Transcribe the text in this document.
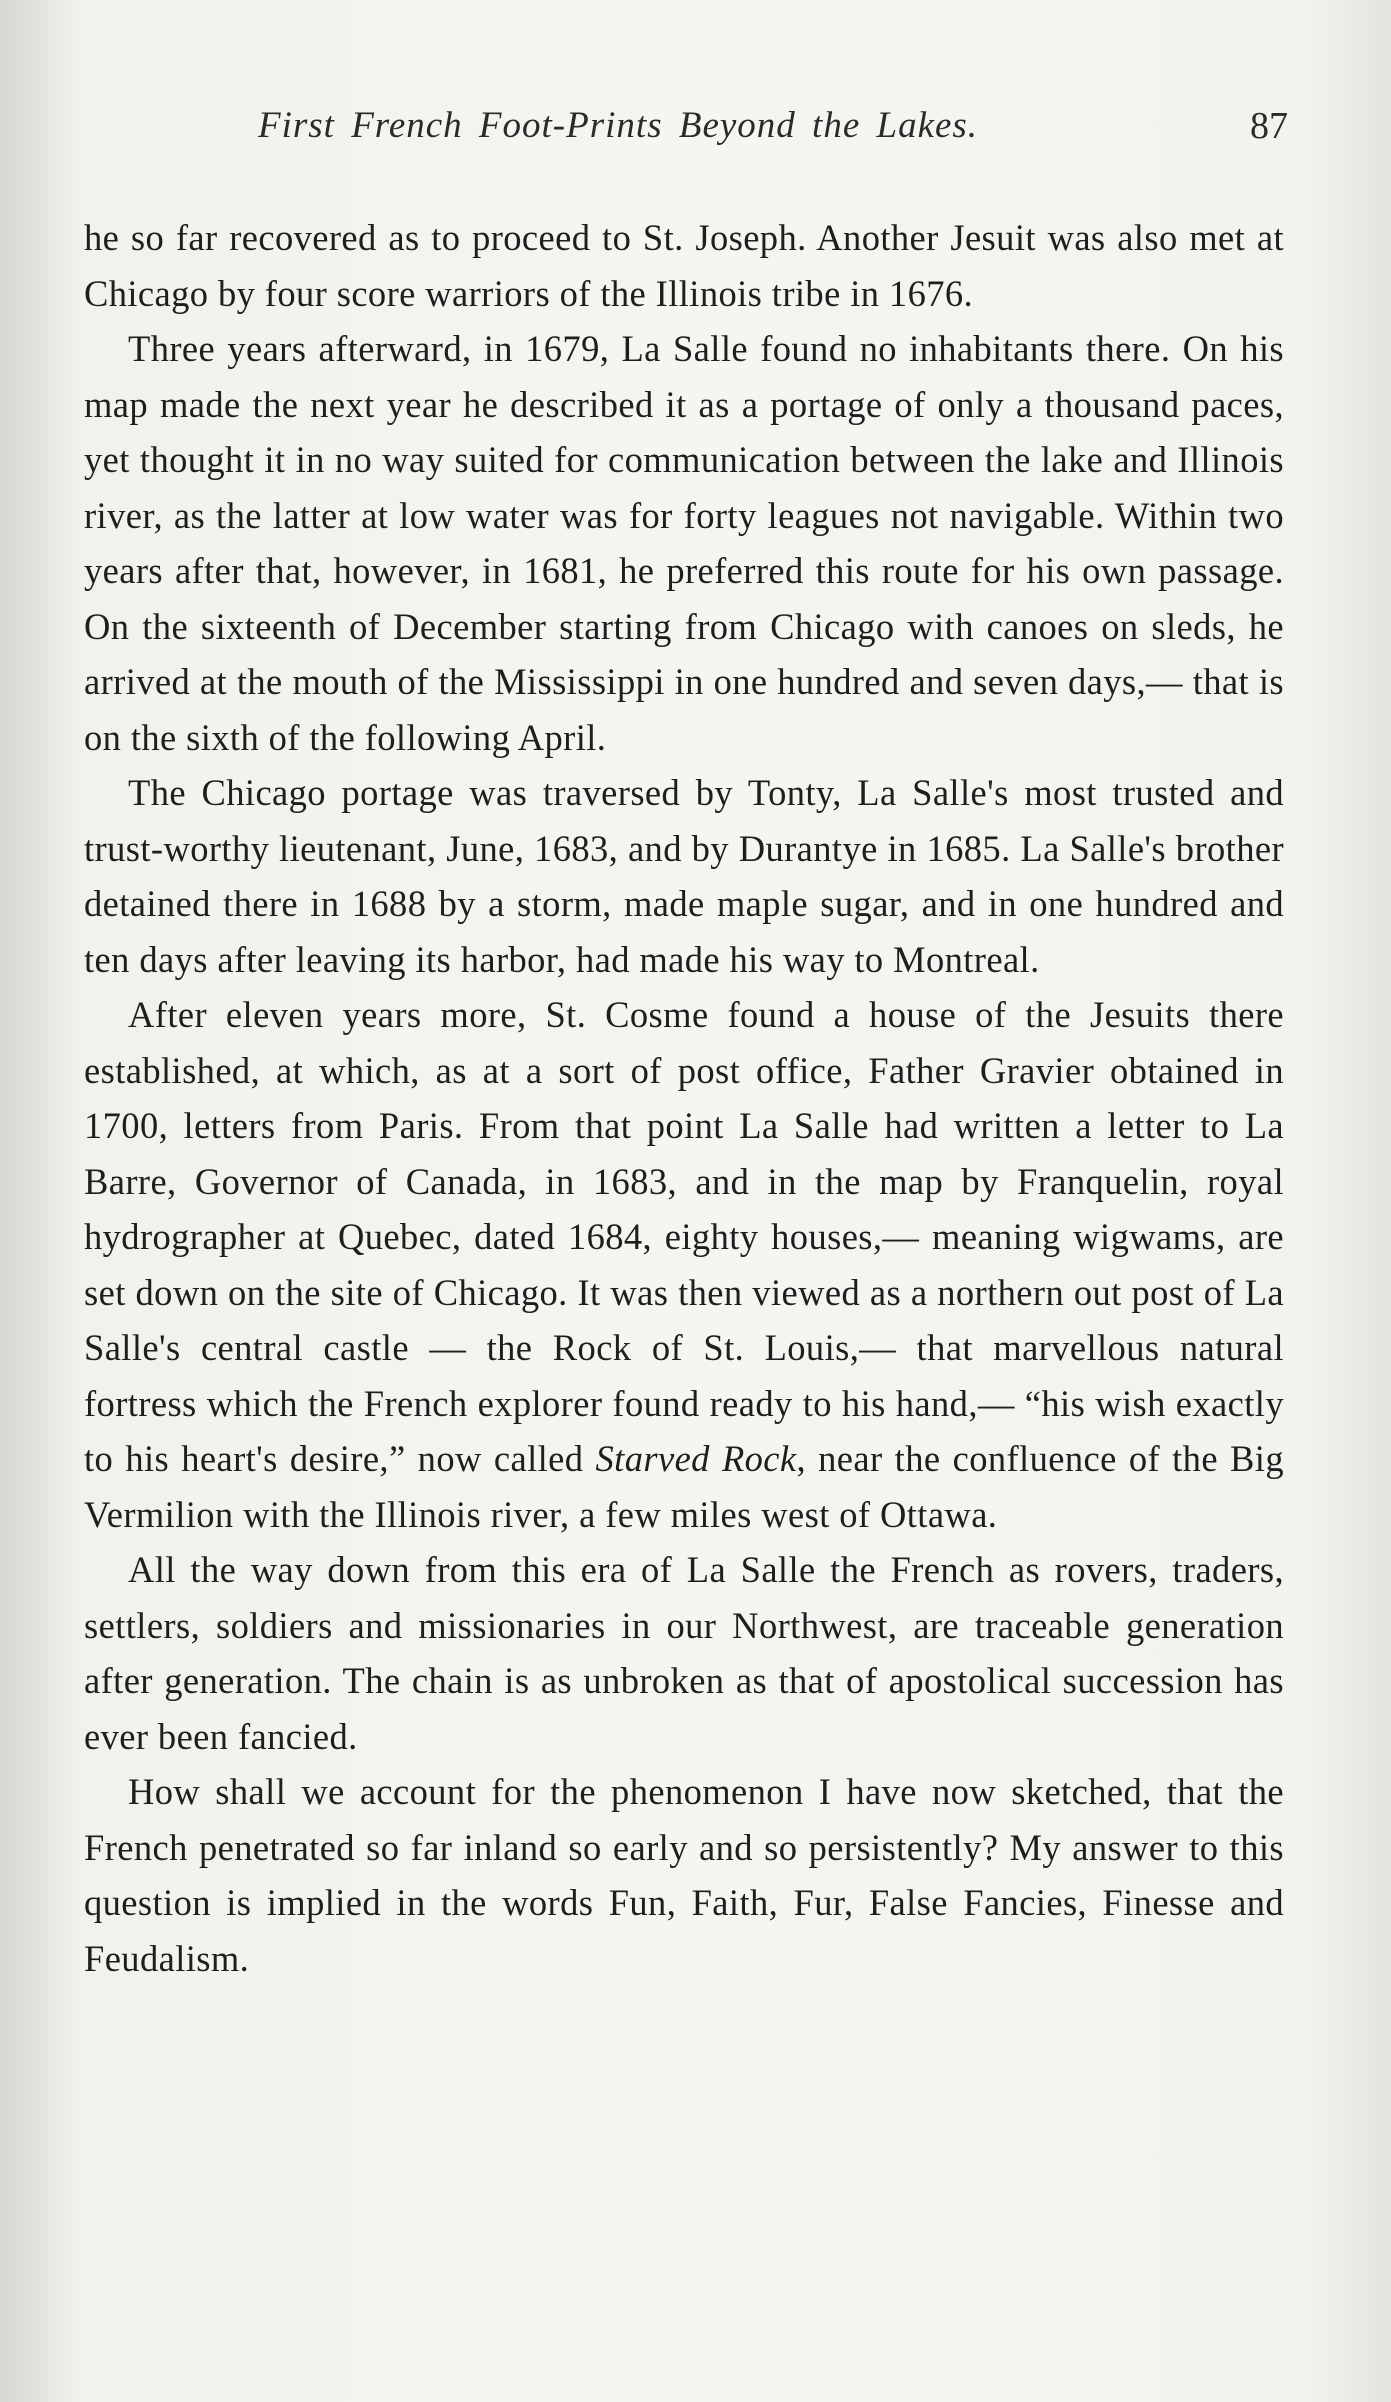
First French Foot-Prints Beyond the Lakes.	87

he so far recovered as to proceed to St. Joseph. Another Jesuit was also met at Chicago by four score warriors of the Illinois tribe in 1676.

Three years afterward, in 1679, La Salle found no inhabitants there. On his map made the next year he described it as a portage of only a thousand paces, yet thought it in no way suited for communication between the lake and Illinois river, as the latter at low water was for forty leagues not navigable. Within two years after that, however, in 1681, he preferred this route for his own passage. On the sixteenth of December starting from Chicago with canoes on sleds, he arrived at the mouth of the Mississippi in one hundred and seven days,— that is on the sixth of the following April.

The Chicago portage was traversed by Tonty, La Salle's most trusted and trust-worthy lieutenant, June, 1683, and by Durantye in 1685. La Salle's brother detained there in 1688 by a storm, made maple sugar, and in one hundred and ten days after leaving its harbor, had made his way to Montreal.

After eleven years more, St. Cosme found a house of the Jesuits there established, at which, as at a sort of post office, Father Gravier obtained in 1700, letters from Paris. From that point La Salle had written a letter to La Barre, Governor of Canada, in 1683, and in the map by Franquelin, royal hydrographer at Quebec, dated 1684, eighty houses,— meaning wigwams, are set down on the site of Chicago. It was then viewed as a northern out post of La Salle's central castle — the Rock of St. Louis,— that marvellous natural fortress which the French explorer found ready to his hand,— “his wish exactly to his heart's desire,” now called Starved Rock, near the confluence of the Big Vermilion with the Illinois river, a few miles west of Ottawa.

All the way down from this era of La Salle the French as rovers, traders, settlers, soldiers and missionaries in our Northwest, are traceable generation after generation. The chain is as unbroken as that of apostolical succession has ever been fancied.

How shall we account for the phenomenon I have now sketched, that the French penetrated so far inland so early and so persistently? My answer to this question is implied in the words Fun, Faith, Fur, False Fancies, Finesse and Feudalism.
